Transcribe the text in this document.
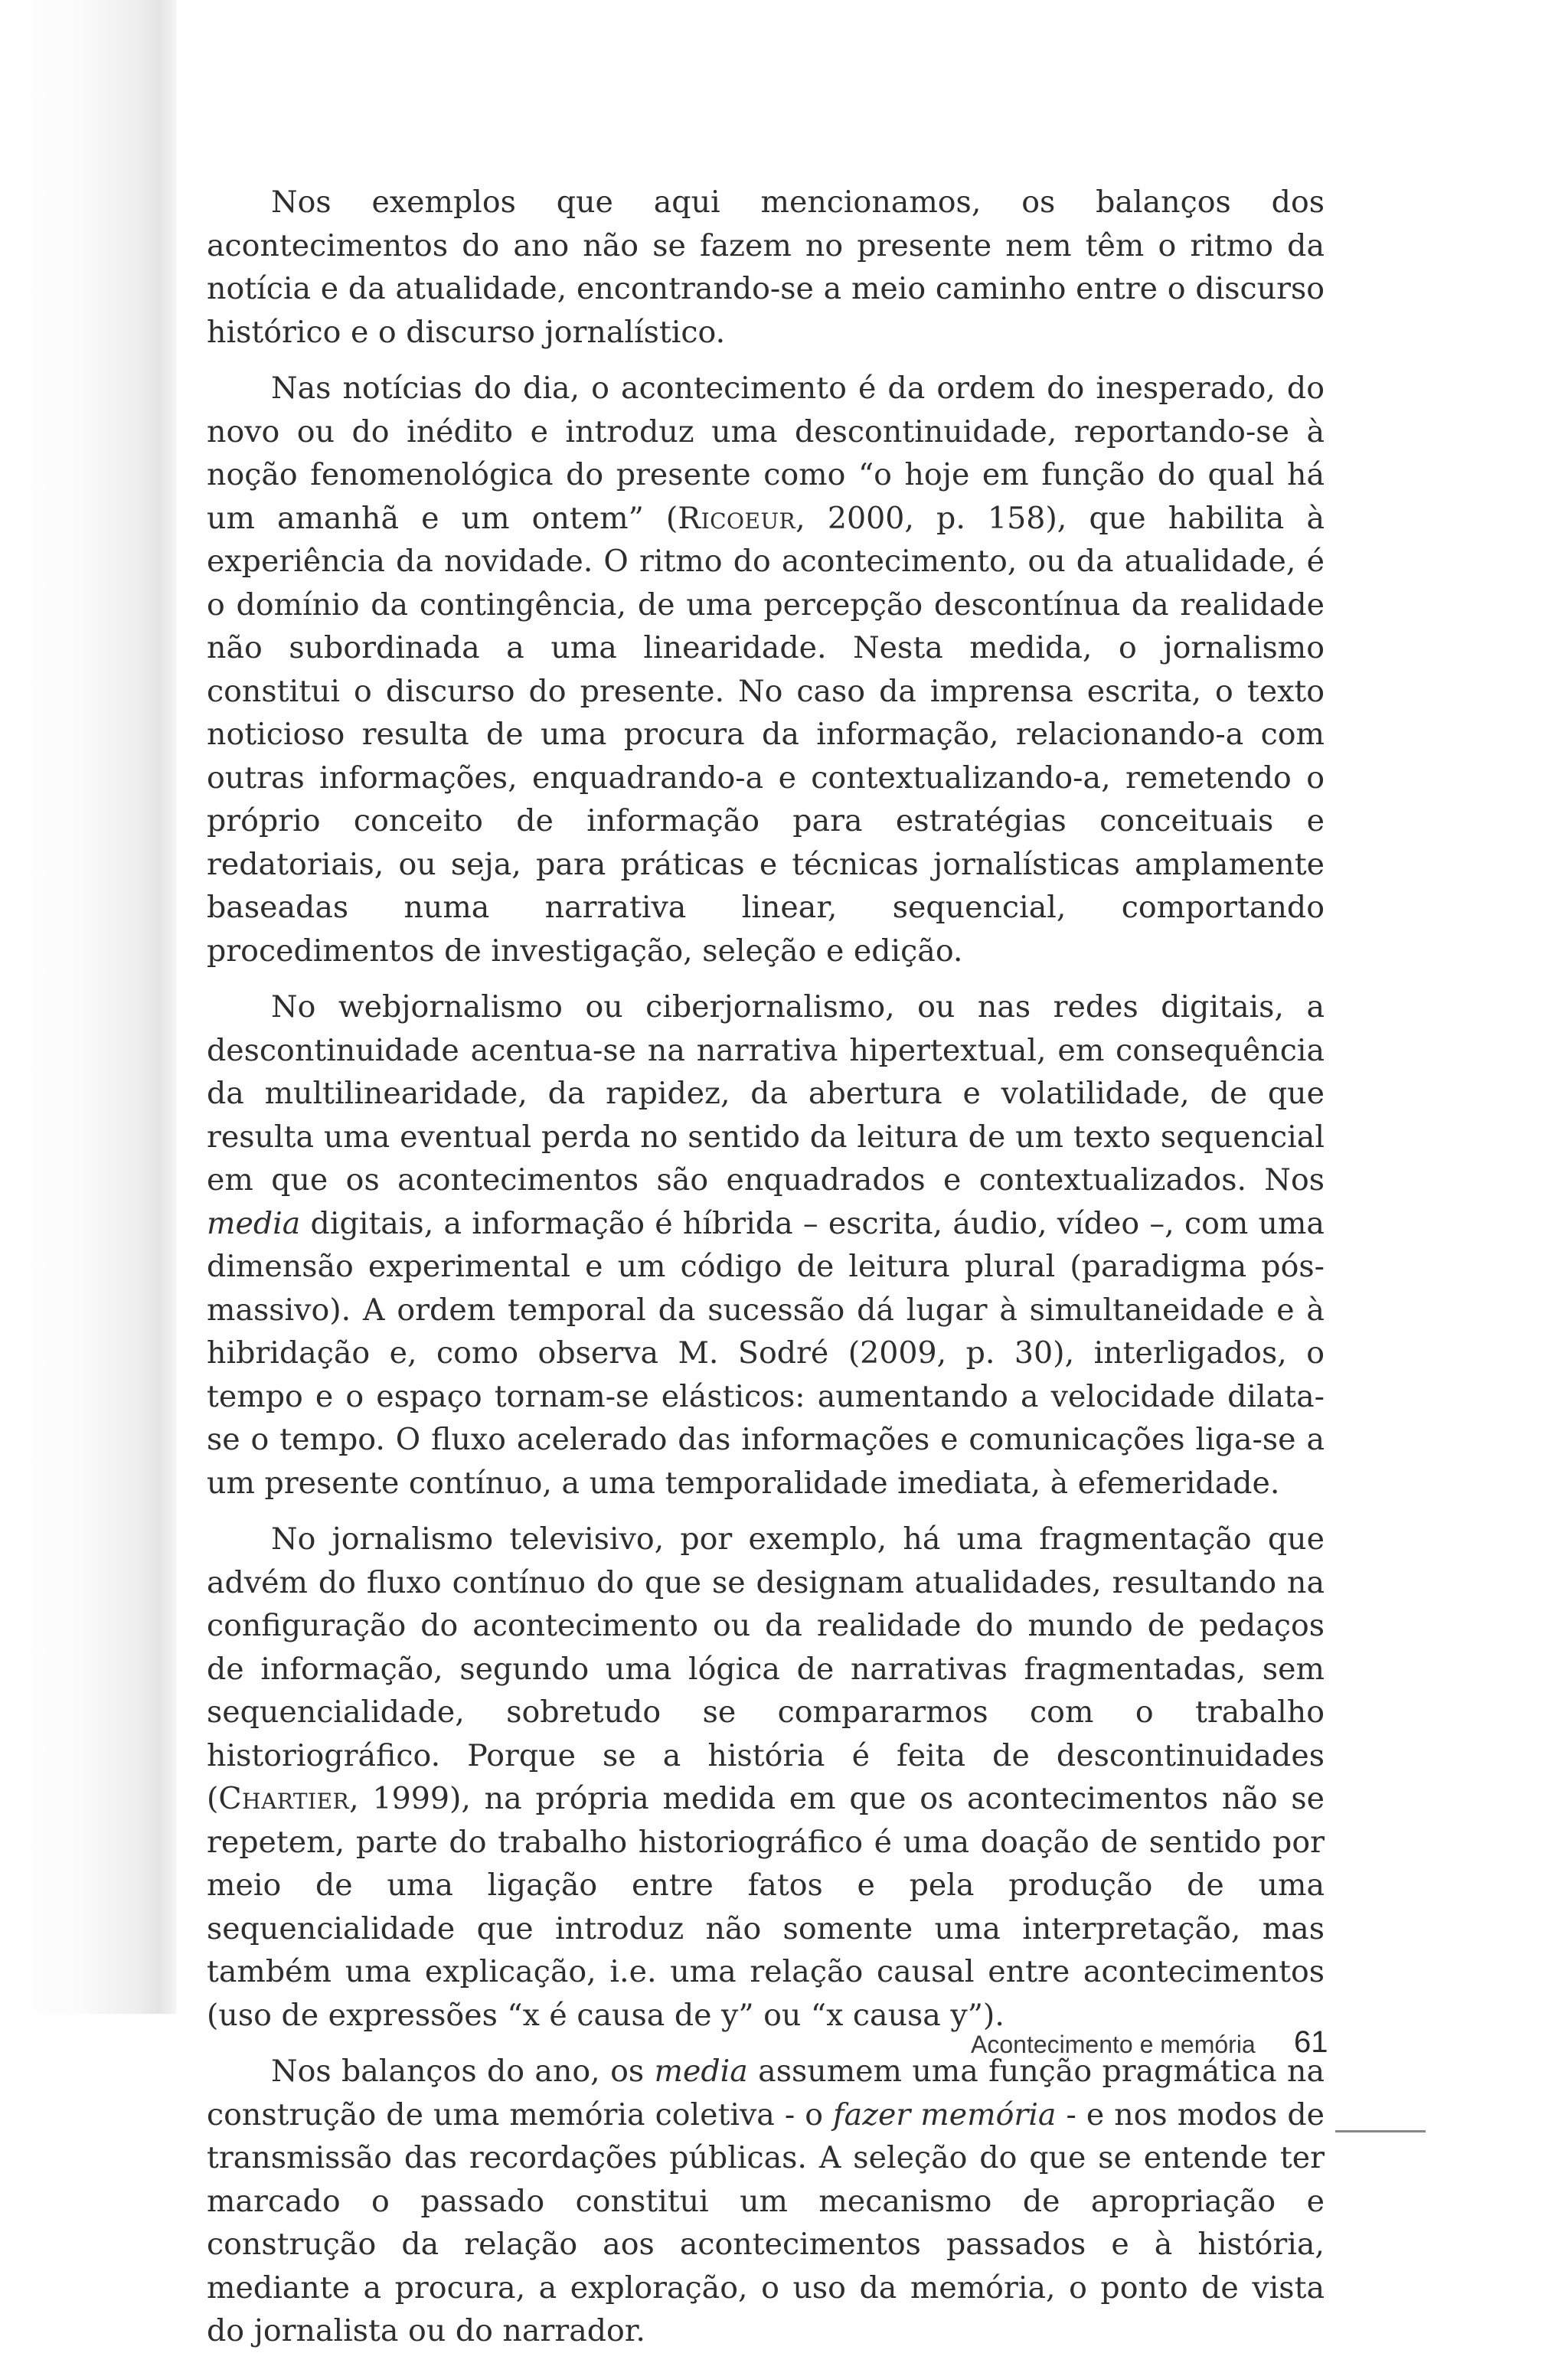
Nos exemplos que aqui mencionamos, os balanços dos acontecimentos do ano não se fazem no presente nem têm o ritmo da notícia e da atualidade, encontrando-se a meio caminho entre o discurso histórico e o discurso jornalístico.

Nas notícias do dia, o acontecimento é da ordem do inesperado, do novo ou do inédito e introduz uma descontinuidade, reportando-se à noção fenomenológica do presente como “o hoje em função do qual há um amanhã e um ontem” (Ricoeur, 2000, p. 158), que habilita à experiência da novidade. O ritmo do acontecimento, ou da atualidade, é o domínio da contingência, de uma percepção descontínua da realidade não subordinada a uma linearidade. Nesta medida, o jornalismo constitui o discurso do presente. No caso da imprensa escrita, o texto noticioso resulta de uma procura da informação, relacionando-a com outras informações, enquadrando-a e contextualizando-a, remetendo o próprio conceito de informação para estratégias conceituais e redatoriais, ou seja, para práticas e técnicas jornalísticas amplamente baseadas numa narrativa linear, sequencial, comportando procedimentos de investigação, seleção e edição.

No webjornalismo ou ciberjornalismo, ou nas redes digitais, a descontinuidade acentua-se na narrativa hipertextual, em consequência da multilinearidade, da rapidez, da abertura e volatilidade, de que resulta uma eventual perda no sentido da leitura de um texto sequencial em que os acontecimentos são enquadrados e contextualizados. Nos media digitais, a informação é híbrida – escrita, áudio, vídeo –, com uma dimensão experimental e um código de leitura plural (paradigma pós-massivo). A ordem temporal da sucessão dá lugar à simultaneidade e à hibridação e, como observa M. Sodré (2009, p. 30), interligados, o tempo e o espaço tornam-se elásticos: aumentando a velocidade dilata-se o tempo. O fluxo acelerado das informações e comunicações liga-se a um presente contínuo, a uma temporalidade imediata, à efemeridade.

No jornalismo televisivo, por exemplo, há uma fragmentação que advém do fluxo contínuo do que se designam atualidades, resultando na configuração do acontecimento ou da realidade do mundo de pedaços de informação, segundo uma lógica de narrativas fragmentadas, sem sequencialidade, sobretudo se compararmos com o trabalho historiográfico. Porque se a história é feita de descontinuidades (Chartier, 1999), na própria medida em que os acontecimentos não se repetem, parte do trabalho historiográfico é uma doação de sentido por meio de uma ligação entre fatos e pela produção de uma sequencialidade que introduz não somente uma interpretação, mas também uma explicação, i.e. uma relação causal entre acontecimentos (uso de expressões “x é causa de y” ou “x causa y”).

Nos balanços do ano, os media assumem uma função pragmática na construção de uma memória coletiva - o fazer memória - e nos modos de transmissão das recordações públicas. A seleção do que se entende ter marcado o passado constitui um mecanismo de apropriação e construção da relação aos acontecimentos passados e à história, mediante a procura, a exploração, o uso da memória, o ponto de vista do jornalista ou do narrador.

Acontecimento e memória 61
